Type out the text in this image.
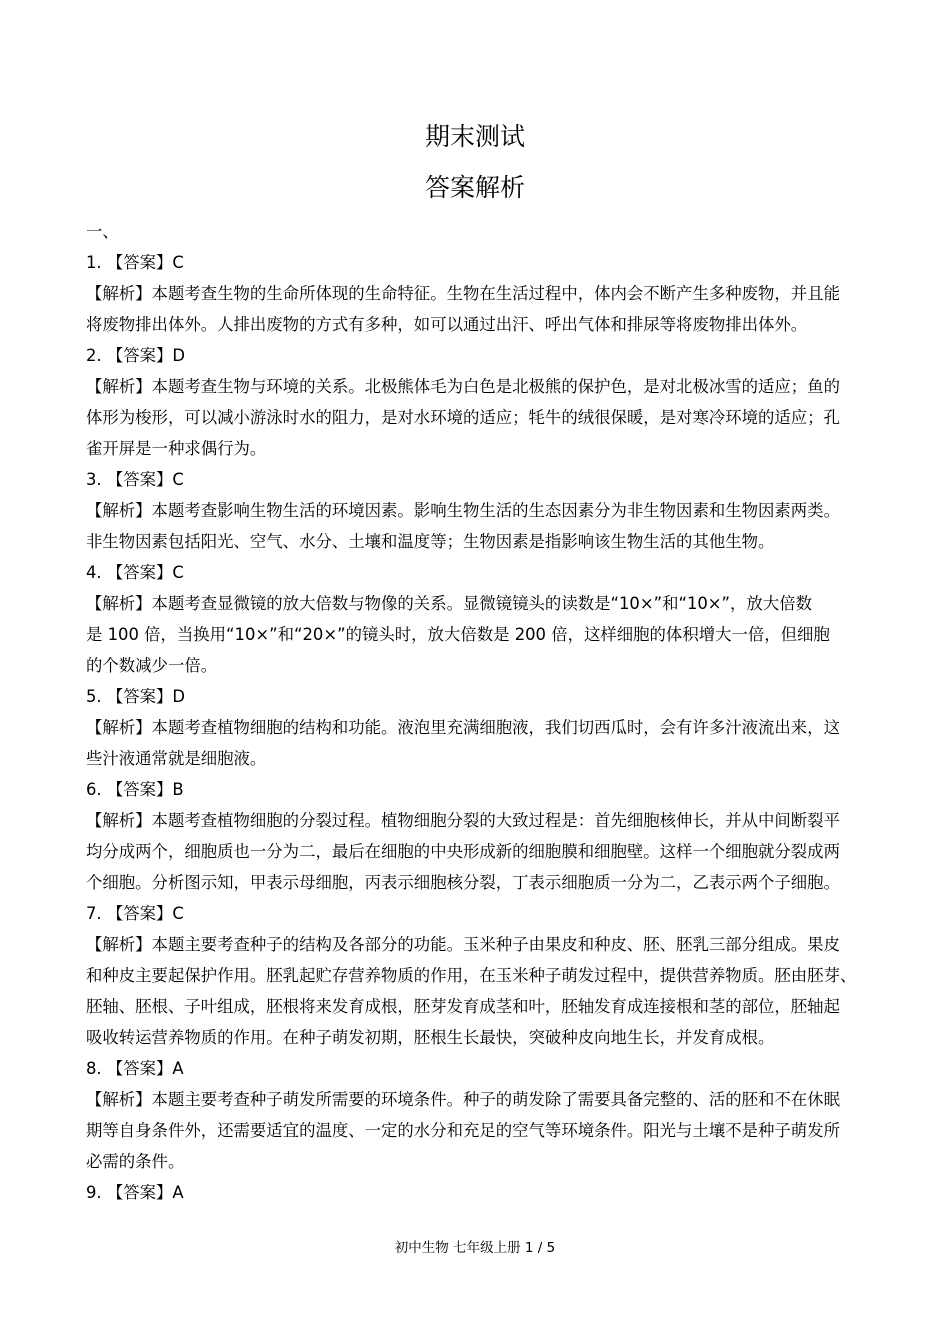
期末测试
答案解析

一、

1. 【答案】C

【解析】本题考查生物的生命所体现的生命特征。生物在生活过程中，体内会不断产生多种废物，并且能

将废物排出体外。人排出废物的方式有多种，如可以通过出汗、呼出气体和排尿等将废物排出体外。

2. 【答案】D

【解析】本题考查生物与环境的关系。北极熊体毛为白色是北极熊的保护色，是对北极冰雪的适应；鱼的

体形为梭形，可以减小游泳时水的阻力，是对水环境的适应；牦牛的绒很保暖，是对寒冷环境的适应；孔

雀开屏是一种求偶行为。

3. 【答案】C

【解析】本题考查影响生物生活的环境因素。影响生物生活的生态因素分为非生物因素和生物因素两类。

非生物因素包括阳光、空气、水分、土壤和温度等；生物因素是指影响该生物生活的其他生物。

4. 【答案】C

【解析】本题考查显微镜的放大倍数与物像的关系。显微镜镜头的读数是“10×”和“10×”，放大倍数

是 100 倍，当换用“10×”和“20×”的镜头时，放大倍数是 200 倍，这样细胞的体积增大一倍，但细胞

的个数减少一倍。

5. 【答案】D

【解析】本题考查植物细胞的结构和功能。液泡里充满细胞液，我们切西瓜时，会有许多汁液流出来，这

些汁液通常就是细胞液。

6. 【答案】B

【解析】本题考查植物细胞的分裂过程。植物细胞分裂的大致过程是：首先细胞核伸长，并从中间断裂平

均分成两个，细胞质也一分为二，最后在细胞的中央形成新的细胞膜和细胞壁。这样一个细胞就分裂成两

个细胞。分析图示知，甲表示母细胞，丙表示细胞核分裂，丁表示细胞质一分为二，乙表示两个子细胞。

7. 【答案】C

【解析】本题主要考查种子的结构及各部分的功能。玉米种子由果皮和种皮、胚、胚乳三部分组成。果皮

和种皮主要起保护作用。胚乳起贮存营养物质的作用，在玉米种子萌发过程中，提供营养物质。胚由胚芽、

胚轴、胚根、子叶组成，胚根将来发育成根，胚芽发育成茎和叶，胚轴发育成连接根和茎的部位，胚轴起

吸收转运营养物质的作用。在种子萌发初期，胚根生长最快，突破种皮向地生长，并发育成根。

8. 【答案】A

【解析】本题主要考查种子萌发所需要的环境条件。种子的萌发除了需要具备完整的、活的胚和不在休眠

期等自身条件外，还需要适宜的温度、一定的水分和充足的空气等环境条件。阳光与土壤不是种子萌发所

必需的条件。

9. 【答案】A

初中生物 七年级上册 1 / 5
